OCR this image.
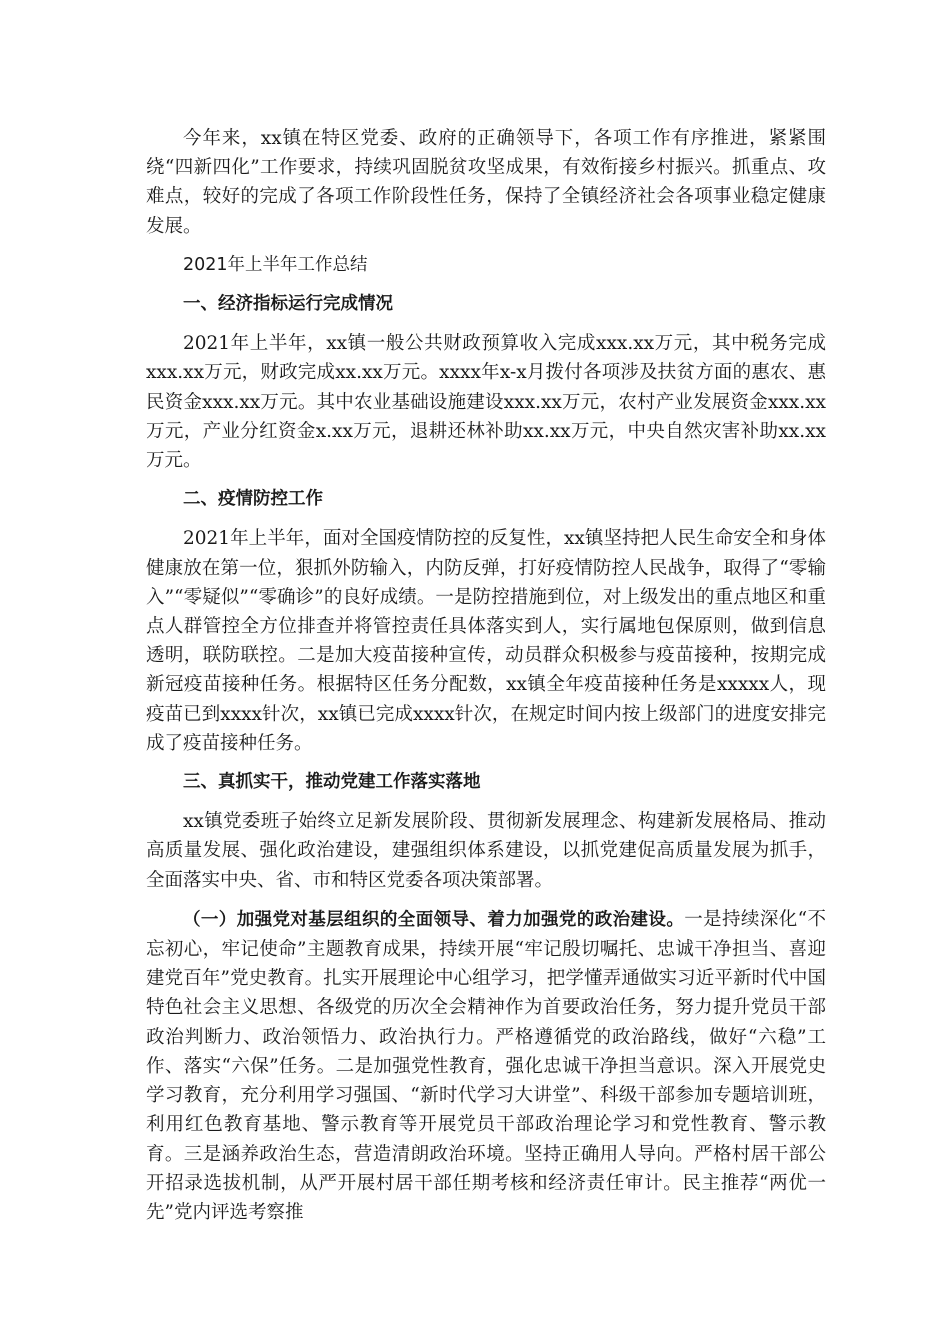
今年来，xx镇在特区党委、政府的正确领导下，各项工作有序推进，紧紧围绕“四新四化”工作要求，持续巩固脱贫攻坚成果，有效衔接乡村振兴。抓重点、攻难点，较好的完成了各项工作阶段性任务，保持了全镇经济社会各项事业稳定健康发展。

2021年上半年工作总结

一、经济指标运行完成情况

2021年上半年，xx镇一般公共财政预算收入完成xxx.xx万元，其中税务完成xxx.xx万元，财政完成xx.xx万元。xxxx年x-x月拨付各项涉及扶贫方面的惠农、惠民资金xxx.xx万元。其中农业基础设施建设xxx.xx万元，农村产业发展资金xxx.xx万元，产业分红资金x.xx万元，退耕还林补助xx.xx万元，中央自然灾害补助xx.xx万元。

二、疫情防控工作

2021年上半年，面对全国疫情防控的反复性，xx镇坚持把人民生命安全和身体健康放在第一位，狠抓外防输入，内防反弹，打好疫情防控人民战争，取得了“零输入”“零疑似”“零确诊”的良好成绩。一是防控措施到位，对上级发出的重点地区和重点人群管控全方位排查并将管控责任具体落实到人，实行属地包保原则，做到信息透明，联防联控。二是加大疫苗接种宣传，动员群众积极参与疫苗接种，按期完成新冠疫苗接种任务。根据特区任务分配数，xx镇全年疫苗接种任务是xxxxx人，现疫苗已到xxxx针次，xx镇已完成xxxx针次，在规定时间内按上级部门的进度安排完成了疫苗接种任务。

三、真抓实干，推动党建工作落实落地

xx镇党委班子始终立足新发展阶段、贯彻新发展理念、构建新发展格局、推动高质量发展、强化政治建设，建强组织体系建设，以抓党建促高质量发展为抓手，全面落实中央、省、市和特区党委各项决策部署。

（一）加强党对基层组织的全面领导、着力加强党的政治建设。一是持续深化“不忘初心，牢记使命”主题教育成果，持续开展“牢记殷切嘱托、忠诚干净担当、喜迎建党百年”党史教育。扎实开展理论中心组学习，把学懂弄通做实习近平新时代中国特色社会主义思想、各级党的历次全会精神作为首要政治任务，努力提升党员干部政治判断力、政治领悟力、政治执行力。严格遵循党的政治路线，做好“六稳”工作、落实“六保”任务。二是加强党性教育，强化忠诚干净担当意识。深入开展党史学习教育，充分利用学习强国、“新时代学习大讲堂”、科级干部参加专题培训班，利用红色教育基地、警示教育等开展党员干部政治理论学习和党性教育、警示教育。三是涵养政治生态，营造清朗政治环境。坚持正确用人导向。严格村居干部公开招录选拔机制，从严开展村居干部任期考核和经济责任审计。民主推荐“两优一先”党内评选考察推
